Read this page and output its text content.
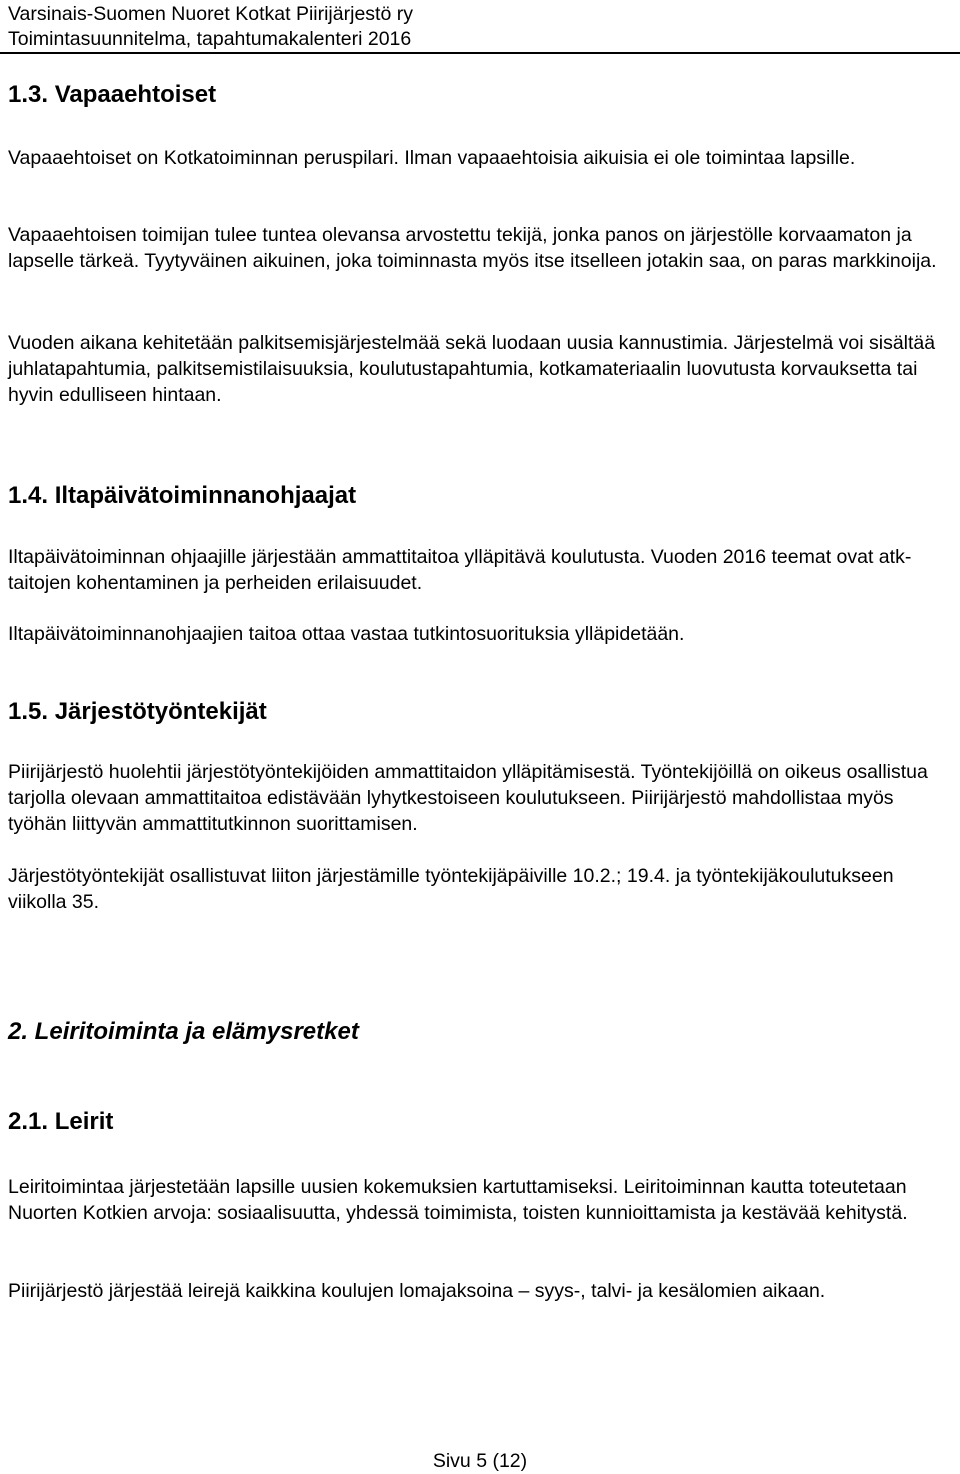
Varsinais-Suomen Nuoret Kotkat Piirijärjestö ry
Toimintasuunnitelma, tapahtumakalenteri 2016
1.3. Vapaaehtoiset
Vapaaehtoiset on Kotkatoiminnan peruspilari. Ilman vapaaehtoisia aikuisia ei ole toimintaa lapsille.
Vapaaehtoisen toimijan tulee tuntea olevansa arvostettu tekijä, jonka panos on järjestölle korvaamaton ja lapselle tärkeä. Tyytyväinen aikuinen, joka toiminnasta myös itse itselleen jotakin saa, on paras markkinoija.
Vuoden aikana kehitetään palkitsemisjärjestelmää sekä luodaan uusia kannustimia. Järjestelmä voi sisältää juhlatapahtumia, palkitsemistilaisuuksia, koulutustapahtumia, kotkamateriaalin luovutusta korvauksetta tai hyvin edulliseen hintaan.
1.4. Iltapäivätoiminnanohjaajat
Iltapäivätoiminnan ohjaajille järjestään ammattitaitoa ylläpitävä koulutusta. Vuoden 2016 teemat ovat atk-taitojen kohentaminen ja perheiden erilaisuudet.
Iltapäivätoiminnanohjaajien taitoa ottaa vastaa tutkintosuorituksia ylläpidetään.
1.5. Järjestötyöntekijät
Piirijärjestö huolehtii järjestötyöntekijöiden ammattitaidon ylläpitämisestä. Työntekijöillä on oikeus osallistua tarjolla olevaan ammattitaitoa edistävään lyhytkestoiseen koulutukseen. Piirijärjestö mahdollistaa myös työhän liittyvän ammattitutkinnon suorittamisen.
Järjestötyöntekijät osallistuvat liiton järjestämille työntekijäpäiville 10.2.; 19.4. ja työntekijäkoulutukseen viikolla 35.
2. Leiritoiminta ja elämysretket
2.1. Leirit
Leiritoimintaa järjestetään lapsille uusien kokemuksien kartuttamiseksi. Leiritoiminnan kautta toteutetaan Nuorten Kotkien arvoja: sosiaalisuutta, yhdessä toimimista, toisten kunnioittamista ja kestävää kehitystä.
Piirijärjestö järjestää leirejä kaikkina koulujen lomajaksoina – syys-, talvi- ja kesälomien aikaan.
Sivu 5 (12)
